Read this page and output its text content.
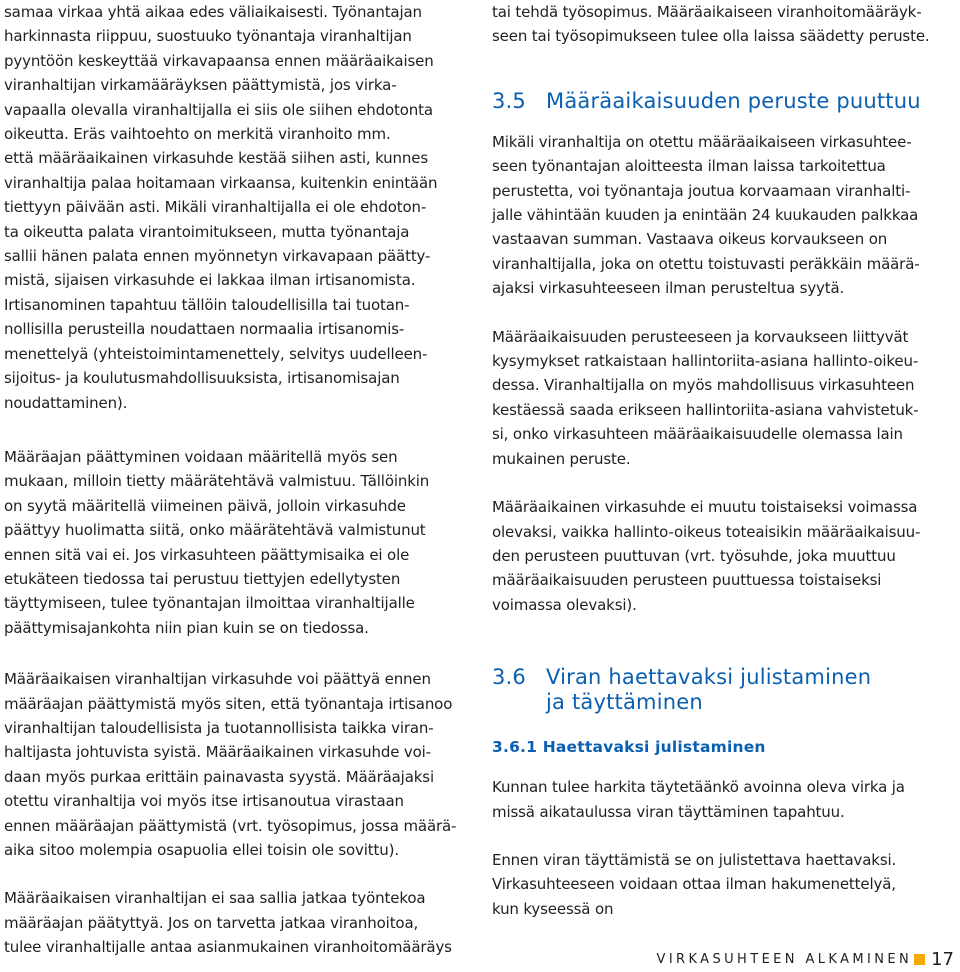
samaa virkaa yhtä aikaa edes väliaikaisesti. Työnantajan
harkinnasta riippuu, suostuuko työnantaja viranhaltijan
pyyntöön keskeyttää virkavapaansa ennen määräaikaisen
viranhaltijan virkamääräyksen päättymistä, jos virka-
vapaalla olevalla viranhaltijalla ei siis ole siihen ehdotonta
oikeutta. Eräs vaihtoehto on merkitä viranhoito mm.
että määräaikainen virkasuhde kestää siihen asti, kunnes
viranhaltija palaa hoitamaan virkaansa, kuitenkin enintään
tiettyyn päivään asti. Mikäli viranhaltijalla ei ole ehdoton-
ta oikeutta palata virantoimitukseen, mutta työnantaja
sallii hänen palata ennen myönnetyn virkavapaan päätty-
mistä, sijaisen virkasuhde ei lakkaa ilman irtisanomista.
Irtisanominen tapahtuu tällöin taloudellisilla tai tuotan-
nollisilla perusteilla noudattaen normaalia irtisanomis-
menettelyä (yhteistoimintamenettely, selvitys uudelleen-
sijoitus- ja koulutusmahdollisuuksista, irtisanomisajan
noudattaminen).

Määräajan päättyminen voidaan määritellä myös sen
mukaan, milloin tietty määrätehtävä valmistuu. Tällöinkin
on syytä määritellä viimeinen päivä, jolloin virkasuhde
päättyy huolimatta siitä, onko määrätehtävä valmistunut
ennen sitä vai ei. Jos virkasuhteen päättymisaika ei ole
etukäteen tiedossa tai perustuu tiettyjen edellytysten
täyttymiseen, tulee työnantajan ilmoittaa viranhaltijalle
päättymisajankohta niin pian kuin se on tiedossa.

Määräaikaisen viranhaltijan virkasuhde voi päättyä ennen
määräajan päättymistä myös siten, että työnantaja irtisanoo
viranhaltijan taloudellisista ja tuotannollisista taikka viran-
haltijasta johtuvista syistä. Määräaikainen virkasuhde voi-
daan myös purkaa erittäin painavasta syystä. Määräajaksi
otettu viranhaltija voi myös itse irtisanoutua virastaan
ennen määräajan päättymistä (vrt. työsopimus, jossa määrä-
aika sitoo molempia osapuolia ellei toisin ole sovittu).

Määräaikaisen viranhaltijan ei saa sallia jatkaa työntekoa
määräajan päätyttyä. Jos on tarvetta jatkaa viranhoitoa,
tulee viranhaltijalle antaa asianmukainen viranhoitomääräys

tai tehdä työsopimus. Määräaikaiseen viranhoitomääräyk-
seen tai työsopimukseen tulee olla laissa säädetty peruste.

3.5 Määräaikaisuuden peruste puuttuu

Mikäli viranhaltija on otettu määräaikaiseen virkasuhtee-
seen työnantajan aloitteesta ilman laissa tarkoitettua
perustetta, voi työnantaja joutua korvaamaan viranhalti-
jalle vähintään kuuden ja enintään 24 kuukauden palkkaa
vastaavan summan. Vastaava oikeus korvaukseen on
viranhaltijalla, joka on otettu toistuvasti peräkkäin määrä-
ajaksi virkasuhteeseen ilman perusteltua syytä.

Määräaikaisuuden perusteeseen ja korvaukseen liittyvät
kysymykset ratkaistaan hallintoriita-asiana hallinto-oikeu-
dessa. Viranhaltijalla on myös mahdollisuus virkasuhteen
kestäessä saada erikseen hallintoriita-asiana vahvistetuk-
si, onko virkasuhteen määräaikaisuudelle olemassa lain
mukainen peruste.

Määräaikainen virkasuhde ei muutu toistaiseksi voimassa
olevaksi, vaikka hallinto-oikeus toteaisikin määräaikaisuu-
den perusteen puuttuvan (vrt. työsuhde, joka muuttuu
määräaikaisuuden perusteen puuttuessa toistaiseksi
voimassa olevaksi).

3.6 Viran haettavaksi julistaminen
ja täyttäminen
3.6.1 Haettavaksi julistaminen

Kunnan tulee harkita täytetäänkö avoinna oleva virka ja
missä aikataulussa viran täyttäminen tapahtuu.

Ennen viran täyttämistä se on julistettava haettavaksi.
Virkasuhteeseen voidaan ottaa ilman hakumenettelyä,
kun kyseessä on

VIRKASUHTEEN ALKAMINEN 17
